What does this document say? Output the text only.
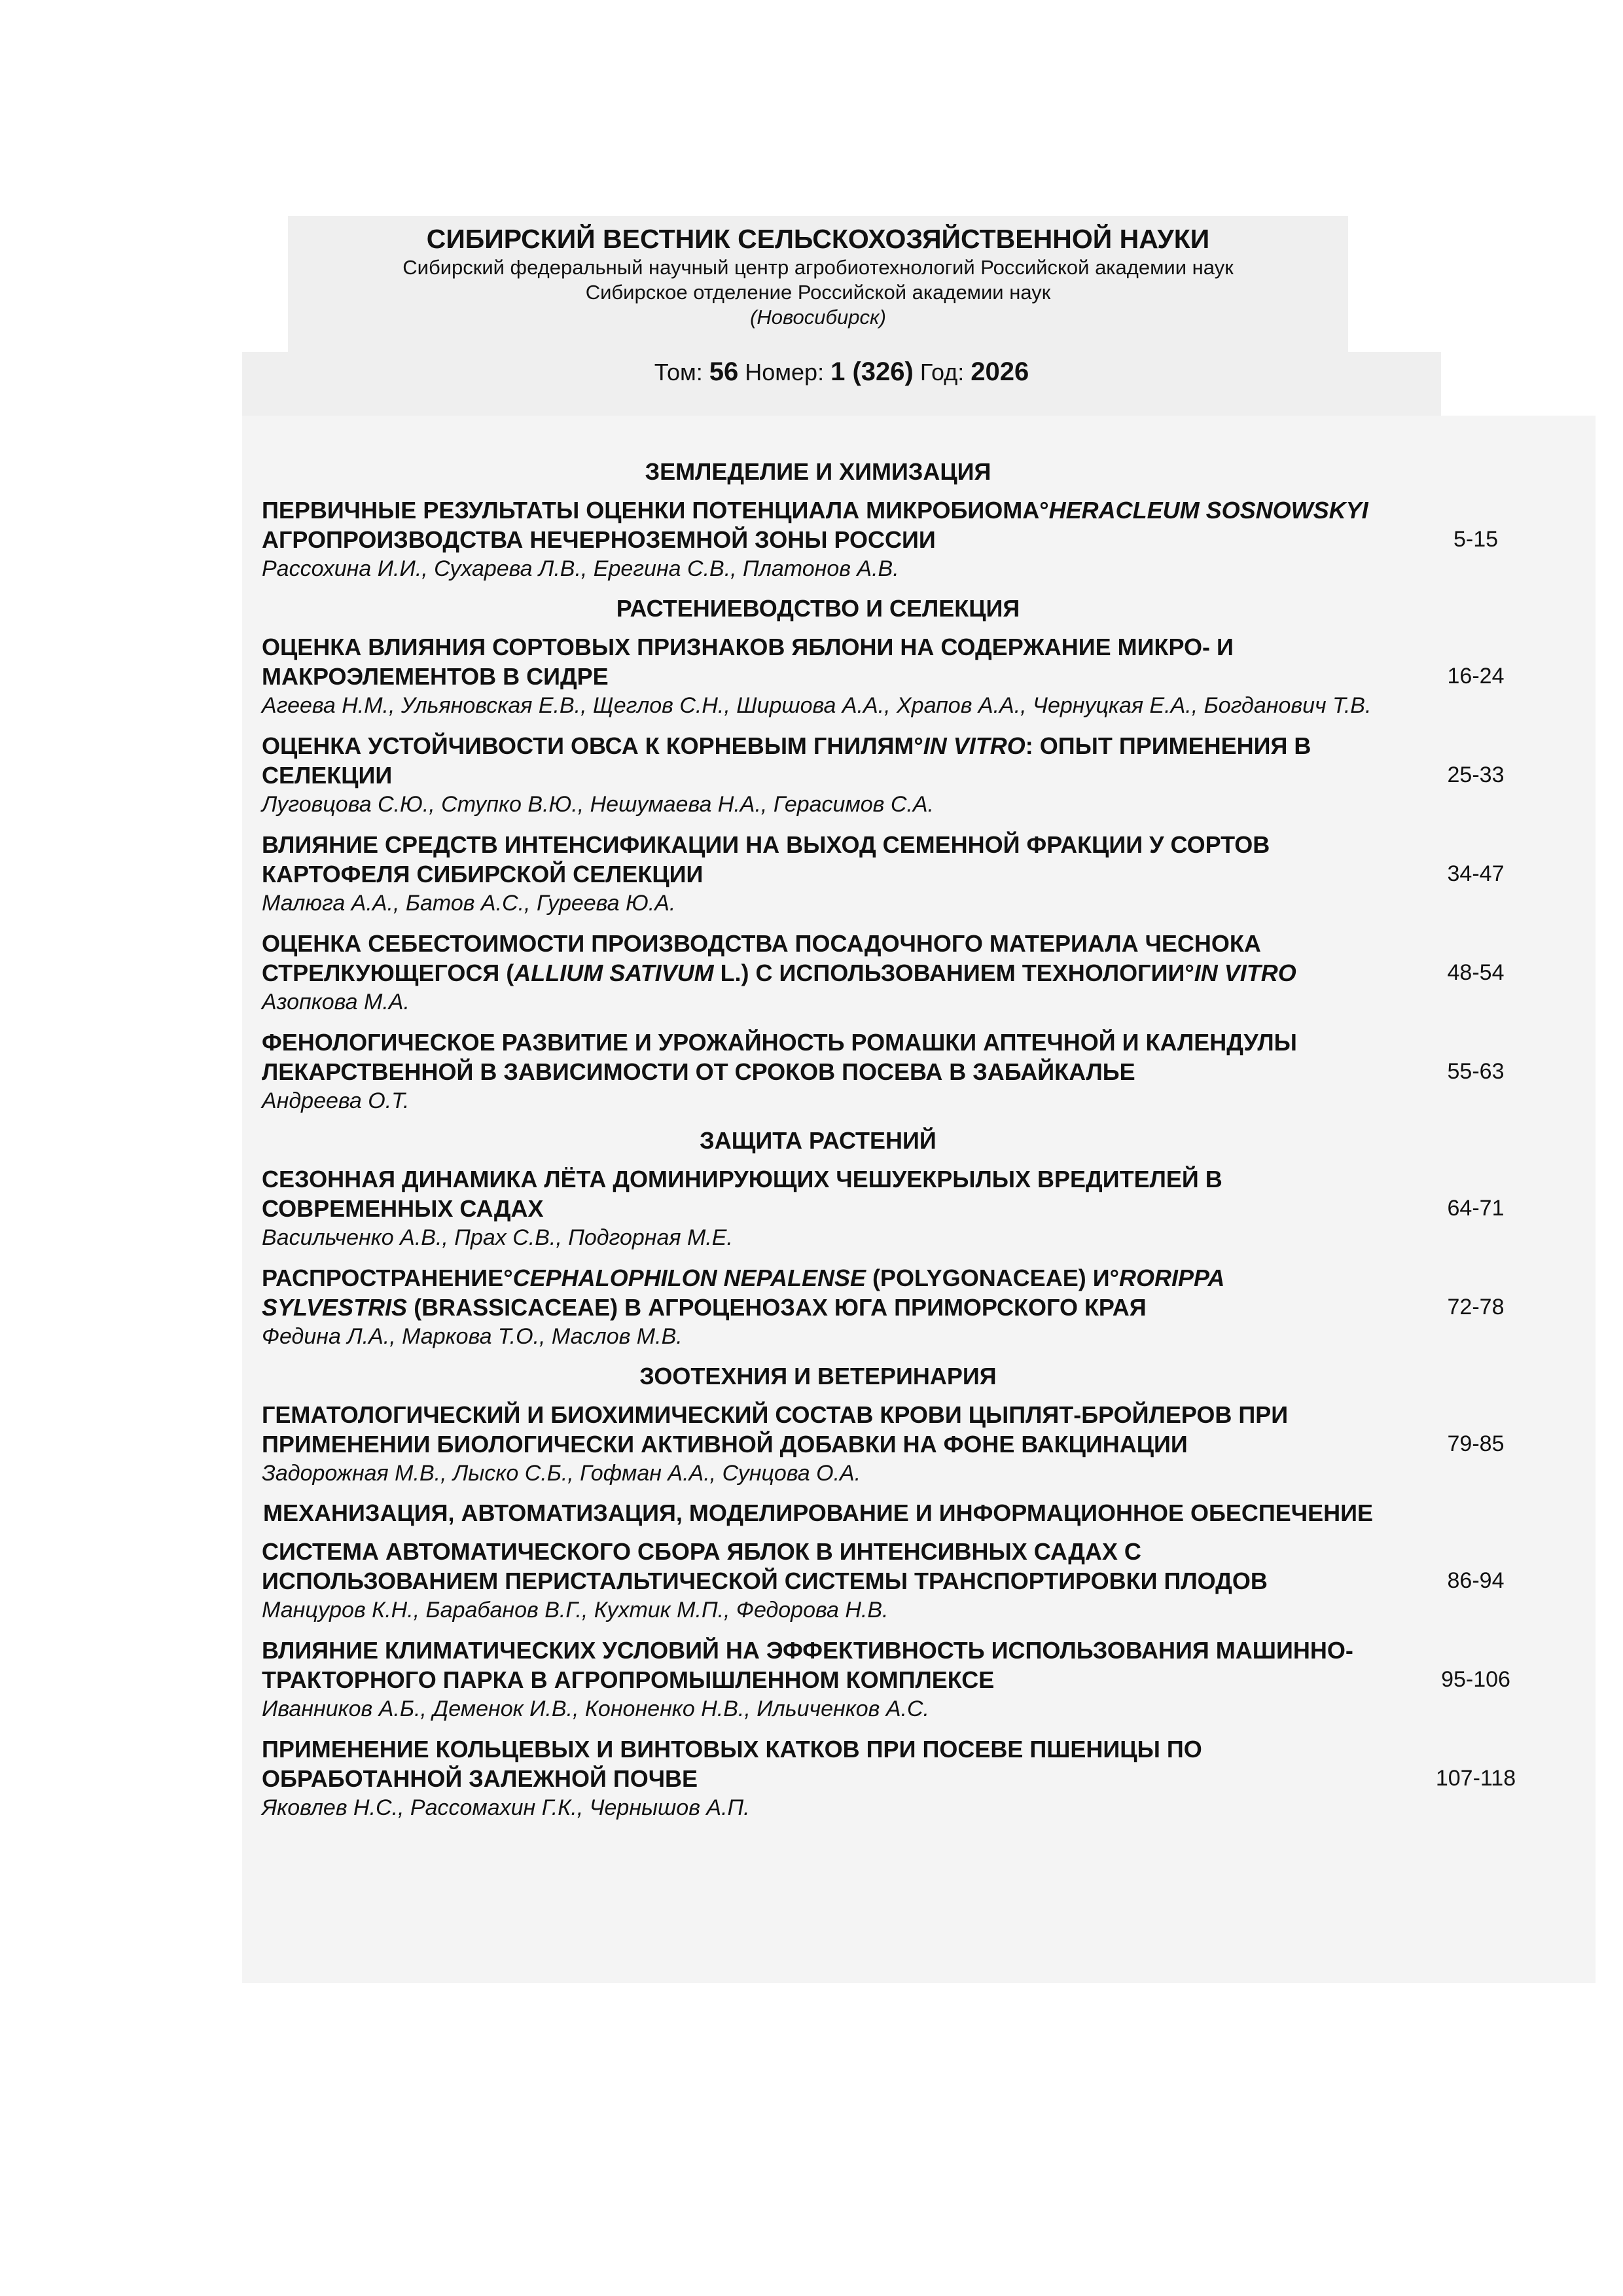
СИБИРСКИЙ ВЕСТНИК СЕЛЬСКОХОЗЯЙСТВЕННОЙ НАУКИ
Сибирский федеральный научный центр агробиотехнологий Российской академии наук
Сибирское отделение Российской академии наук
(Новосибирск)
Том: 56 Номер: 1 (326) Год: 2026
ЗЕМЛЕДЕЛИЕ И ХИМИЗАЦИЯ
ПЕРВИЧНЫЕ РЕЗУЛЬТАТЫ ОЦЕНКИ ПОТЕНЦИАЛА МИКРОБИОМА°HERACLEUM SOSNOWSKYI АГРОПРОИЗВОДСТВА НЕЧЕРНОЗЕМНОЙ ЗОНЫ РОССИИ
Рассохина И.И., Сухарева Л.В., Ерегина С.В., Платонов А.В.
5-15
РАСТЕНИЕВОДСТВО И СЕЛЕКЦИЯ
ОЦЕНКА ВЛИЯНИЯ СОРТОВЫХ ПРИЗНАКОВ ЯБЛОНИ НА СОДЕРЖАНИЕ МИКРО- И МАКРОЭЛЕМЕНТОВ В СИДРЕ
Агеева Н.М., Ульяновская Е.В., Щеглов С.Н., Ширшова А.А., Храпов А.А., Чернуцкая Е.А., Богданович Т.В.
16-24
ОЦЕНКА УСТОЙЧИВОСТИ ОВСА К КОРНЕВЫМ ГНИЛЯМ°IN VITRO: ОПЫТ ПРИМЕНЕНИЯ В СЕЛЕКЦИИ
Луговцова С.Ю., Ступко В.Ю., Нешумаева Н.А., Герасимов С.А.
25-33
ВЛИЯНИЕ СРЕДСТВ ИНТЕНСИФИКАЦИИ НА ВЫХОД СЕМЕННОЙ ФРАКЦИИ У СОРТОВ КАРТОФЕЛЯ СИБИРСКОЙ СЕЛЕКЦИИ
Малюга А.А., Батов А.С., Гуреева Ю.А.
34-47
ОЦЕНКА СЕБЕСТОИМОСТИ ПРОИЗВОДСТВА ПОСАДОЧНОГО МАТЕРИАЛА ЧЕСНОКА СТРЕЛКУЮЩЕГОСЯ (ALLIUM SATIVUM L.) С ИСПОЛЬЗОВАНИЕМ ТЕХНОЛОГИИ°IN VITRO
Азопкова М.А.
48-54
ФЕНОЛОГИЧЕСКОЕ РАЗВИТИЕ И УРОЖАЙНОСТЬ РОМАШКИ АПТЕЧНОЙ И КАЛЕНДУЛЫ ЛЕКАРСТВЕННОЙ В ЗАВИСИМОСТИ ОТ СРОКОВ ПОСЕВА В ЗАБАЙКАЛЬЕ
Андреева О.Т.
55-63
ЗАЩИТА РАСТЕНИЙ
СЕЗОННАЯ ДИНАМИКА ЛЁТА ДОМИНИРУЮЩИХ ЧЕШУЕКРЫЛЫХ ВРЕДИТЕЛЕЙ В СОВРЕМЕННЫХ САДАХ
Васильченко А.В., Прах С.В., Подгорная М.Е.
64-71
РАСПРОСТРАНЕНИЕ°CEPHALOPHILON NEPALENSE (POLYGONACEAE) И°RORIPPA SYLVESTRIS (BRASSICACEAE) В АГРОЦЕНОЗАХ ЮГА ПРИМОРСКОГО КРАЯ
Федина Л.А., Маркова Т.О., Маслов М.В.
72-78
ЗООТЕХНИЯ И ВЕТЕРИНАРИЯ
ГЕМАТОЛОГИЧЕСКИЙ И БИОХИМИЧЕСКИЙ СОСТАВ КРОВИ ЦЫПЛЯТ-БРОЙЛЕРОВ ПРИ ПРИМЕНЕНИИ БИОЛОГИЧЕСКИ АКТИВНОЙ ДОБАВКИ НА ФОНЕ ВАКЦИНАЦИИ
Задорожная М.В., Лыско С.Б., Гофман А.А., Сунцова О.А.
79-85
МЕХАНИЗАЦИЯ, АВТОМАТИЗАЦИЯ, МОДЕЛИРОВАНИЕ И ИНФОРМАЦИОННОЕ ОБЕСПЕЧЕНИЕ
СИСТЕМА АВТОМАТИЧЕСКОГО СБОРА ЯБЛОК В ИНТЕНСИВНЫХ САДАХ С ИСПОЛЬЗОВАНИЕМ ПЕРИСТАЛЬТИЧЕСКОЙ СИСТЕМЫ ТРАНСПОРТИРОВКИ ПЛОДОВ
Манцуров К.Н., Барабанов В.Г., Кухтик М.П., Федорова Н.В.
86-94
ВЛИЯНИЕ КЛИМАТИЧЕСКИХ УСЛОВИЙ НА ЭФФЕКТИВНОСТЬ ИСПОЛЬЗОВАНИЯ МАШИННО-ТРАКТОРНОГО ПАРКА В АГРОПРОМЫШЛЕННОМ КОМПЛЕКСЕ
Иванников А.Б., Деменок И.В., Кононенко Н.В., Ильиченков А.С.
95-106
ПРИМЕНЕНИЕ КОЛЬЦЕВЫХ И ВИНТОВЫХ КАТКОВ ПРИ ПОСЕВЕ ПШЕНИЦЫ ПО ОБРАБОТАННОЙ ЗАЛЕЖНОЙ ПОЧВЕ
Яковлев Н.С., Рассомахин Г.К., Чернышов А.П.
107-118
